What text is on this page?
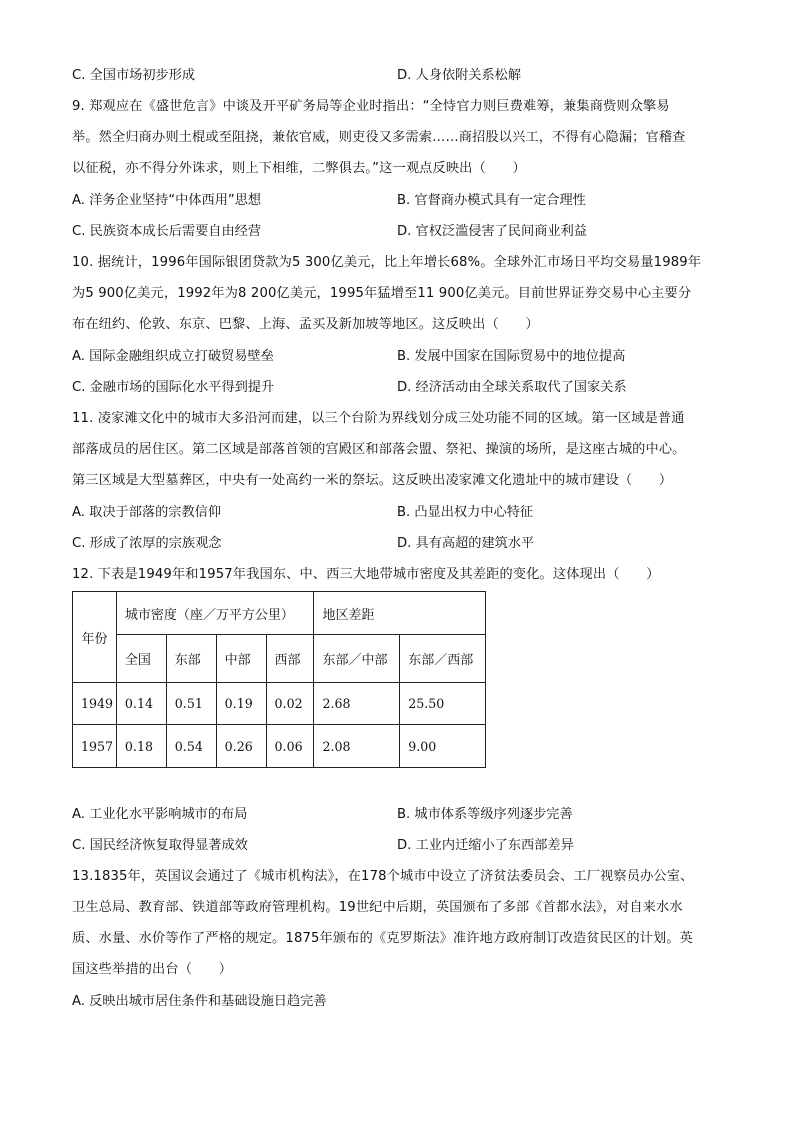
C. 全国市场初步形成	D. 人身依附关系松解
9. 郑观应在《盛世危言》中谈及开平矿务局等企业时指出：“全恃官力则巨费难筹，兼集商赀则众擎易
举。然全归商办则土棍或至阻挠，兼依官威，则吏役又多需索……商招股以兴工，不得有心隐漏；官稽查
以征税，亦不得分外诛求，则上下相维，二弊俱去。”这一观点反映出（　　）
A. 洋务企业坚持“中体西用”思想	B. 官督商办模式具有一定合理性
C. 民族资本成长后需要自由经营	D. 官权泛滥侵害了民间商业利益
10. 据统计，1996年国际银团贷款为5 300亿美元，比上年增长68%。全球外汇市场日平均交易量1989年
为5 900亿美元，1992年为8 200亿美元，1995年猛增至11 900亿美元。目前世界证券交易中心主要分
布在纽约、伦敦、东京、巴黎、上海、孟买及新加坡等地区。这反映出（　　）
A. 国际金融组织成立打破贸易壁垒	B. 发展中国家在国际贸易中的地位提高
C. 金融市场的国际化水平得到提升	D. 经济活动由全球关系取代了国家关系
11. 凌家滩文化中的城市大多沿河而建，以三个台阶为界线划分成三处功能不同的区域。第一区域是普通
部落成员的居住区。第二区域是部落首领的宫殿区和部落会盟、祭祀、操演的场所，是这座古城的中心。
第三区域是大型墓葬区，中央有一处高约一米的祭坛。这反映出凌家滩文化遗址中的城市建设（　　）
A. 取决于部落的宗教信仰	B. 凸显出权力中心特征
C. 形成了浓厚的宗族观念	D. 具有高超的建筑水平
12. 下表是1949年和1957年我国东、中、西三大地带城市密度及其差距的变化。这体现出（　　）
年份	城市密度（座／万平方公里）				地区差距	
	全国	东部	中部	西部	东部／中部	东部／西部
1949	0.14	0.51	0.19	0.02	2.68	25.50
1957	0.18	0.54	0.26	0.06	2.08	9.00
A. 工业化水平影响城市的布局	B. 城市体系等级序列逐步完善
C. 国民经济恢复取得显著成效	D. 工业内迁缩小了东西部差异
13.1835年，英国议会通过了《城市机构法》，在178个城市中设立了济贫法委员会、工厂视察员办公室、
卫生总局、教育部、铁道部等政府管理机构。19世纪中后期，英国颁布了多部《首都水法》，对自来水水
质、水量、水价等作了严格的规定。1875年颁布的《克罗斯法》准许地方政府制订改造贫民区的计划。英
国这些举措的出台（　　）
A. 反映出城市居住条件和基础设施日趋完善
